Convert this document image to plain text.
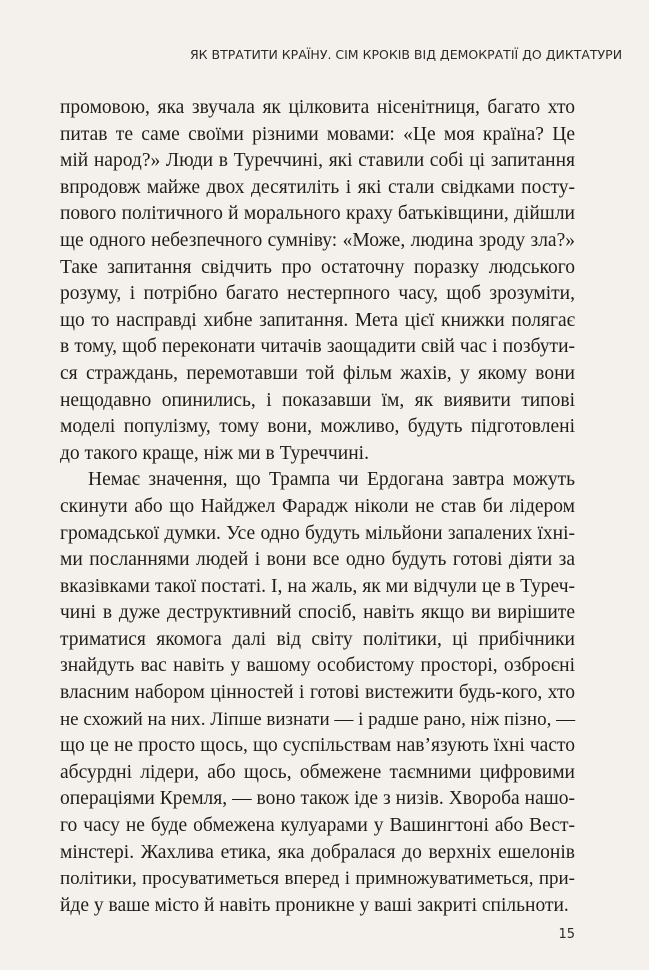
ЯК ВТРАТИТИ КРАЇНУ. СІМ КРОКІВ ВІД ДЕМОКРАТІЇ ДО ДИКТАТУРИ
промовою, яка звучала як цілковита нісенітниця, багато хто
питав те саме своїми різними мовами: «Це моя країна? Це
мій народ?» Люди в Туреччині, які ставили собі ці запитання
впродовж майже двох десятиліть і які стали свідками посту-
пового політичного й морального краху батьківщини, дійшли
ще одного небезпечного сумніву: «Може, людина зроду зла?»
Таке запитання свідчить про остаточну поразку людського
розуму, і потрібно багато нестерпного часу, щоб зрозуміти,
що то насправді хибне запитання. Мета цієї книжки полягає
в тому, щоб переконати читачів заощадити свій час і позбути-
ся страждань, перемотавши той фільм жахів, у якому вони
нещодавно опинились, і показавши їм, як виявити типові
моделі популізму, тому вони, можливо, будуть підготовлені
до такого краще, ніж ми в Туреччині.
Немає значення, що Трампа чи Ердогана завтра можуть
скинути або що Найджел Фарадж ніколи не став би лідером
громадської думки. Усе одно будуть мільйони запалених їхні-
ми посланнями людей і вони все одно будуть готові діяти за
вказівками такої постаті. І, на жаль, як ми відчули це в Туреч-
чині в дуже деструктивний спосіб, навіть якщо ви вирішите
триматися якомога далі від світу політики, ці прибічники
знайдуть вас навіть у вашому особистому просторі, озброєні
власним набором цінностей і готові вистежити будь-кого, хто
не схожий на них. Ліпше визнати — і радше рано, ніж пізно, —
що це не просто щось, що суспільствам нав’язують їхні часто
абсурдні лідери, або щось, обмежене таємними цифровими
операціями Кремля, — воно також іде з низів. Хвороба нашо-
го часу не буде обмежена кулуарами у Вашингтоні або Вест-
мінстері. Жахлива етика, яка добралася до верхніх ешелонів
політики, просуватиметься вперед і примножуватиметься, при-
йде у ваше місто й навіть проникне у ваші закриті спільноти.
15
